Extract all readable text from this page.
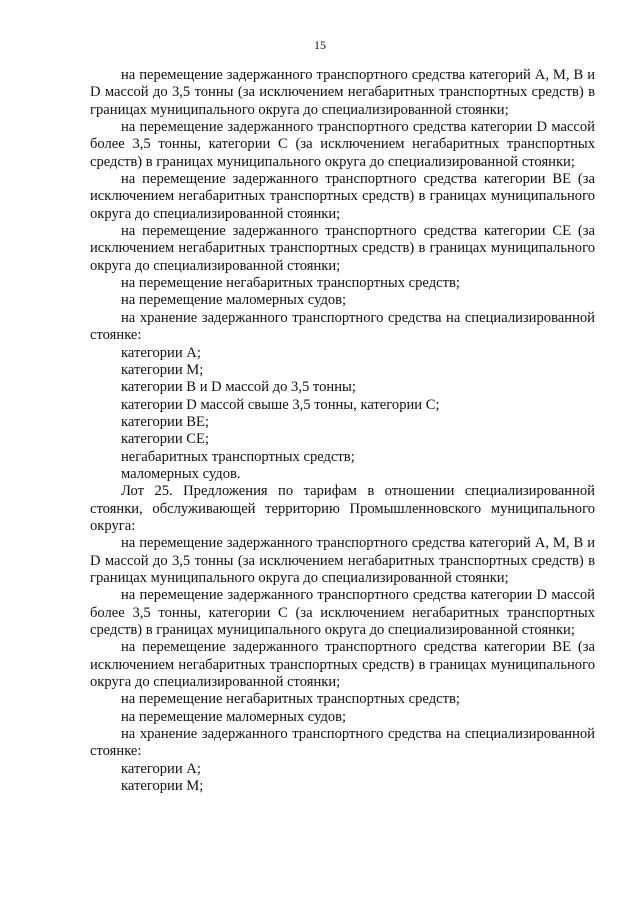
15

на перемещение задержанного транспортного средства категорий А, М, В и D массой до 3,5 тонны (за исключением негабаритных транспортных средств) в границах муниципального округа до специализированной стоянки;

на перемещение задержанного транспортного средства категории D массой более 3,5 тонны, категории С (за исключением негабаритных транспортных средств) в границах муниципального округа до специализированной стоянки;

на перемещение задержанного транспортного средства категории ВЕ (за исключением негабаритных транспортных средств) в границах муниципального округа до специализированной стоянки;

на перемещение задержанного транспортного средства категории СЕ (за исключением негабаритных транспортных средств) в границах муниципального округа до специализированной стоянки;

на перемещение негабаритных транспортных средств;

на перемещение маломерных судов;

на хранение задержанного транспортного средства на специализированной стоянке:

категории А;

категории М;

категории В и D массой до 3,5 тонны;

категории D массой свыше 3,5 тонны, категории С;

категории ВЕ;

категории СЕ;

негабаритных транспортных средств;

маломерных судов.

Лот 25. Предложения по тарифам в отношении специализированной стоянки, обслуживающей территорию Промышленновского муниципального округа:

на перемещение задержанного транспортного средства категорий А, М, В и D массой до 3,5 тонны (за исключением негабаритных транспортных средств) в границах муниципального округа до специализированной стоянки;

на перемещение задержанного транспортного средства категории D массой более 3,5 тонны, категории С (за исключением негабаритных транспортных средств) в границах муниципального округа до специализированной стоянки;

на перемещение задержанного транспортного средства категории ВЕ (за исключением негабаритных транспортных средств) в границах муниципального округа до специализированной стоянки;

на перемещение негабаритных транспортных средств;

на перемещение маломерных судов;

на хранение задержанного транспортного средства на специализированной стоянке:

категории А;

категории М;
